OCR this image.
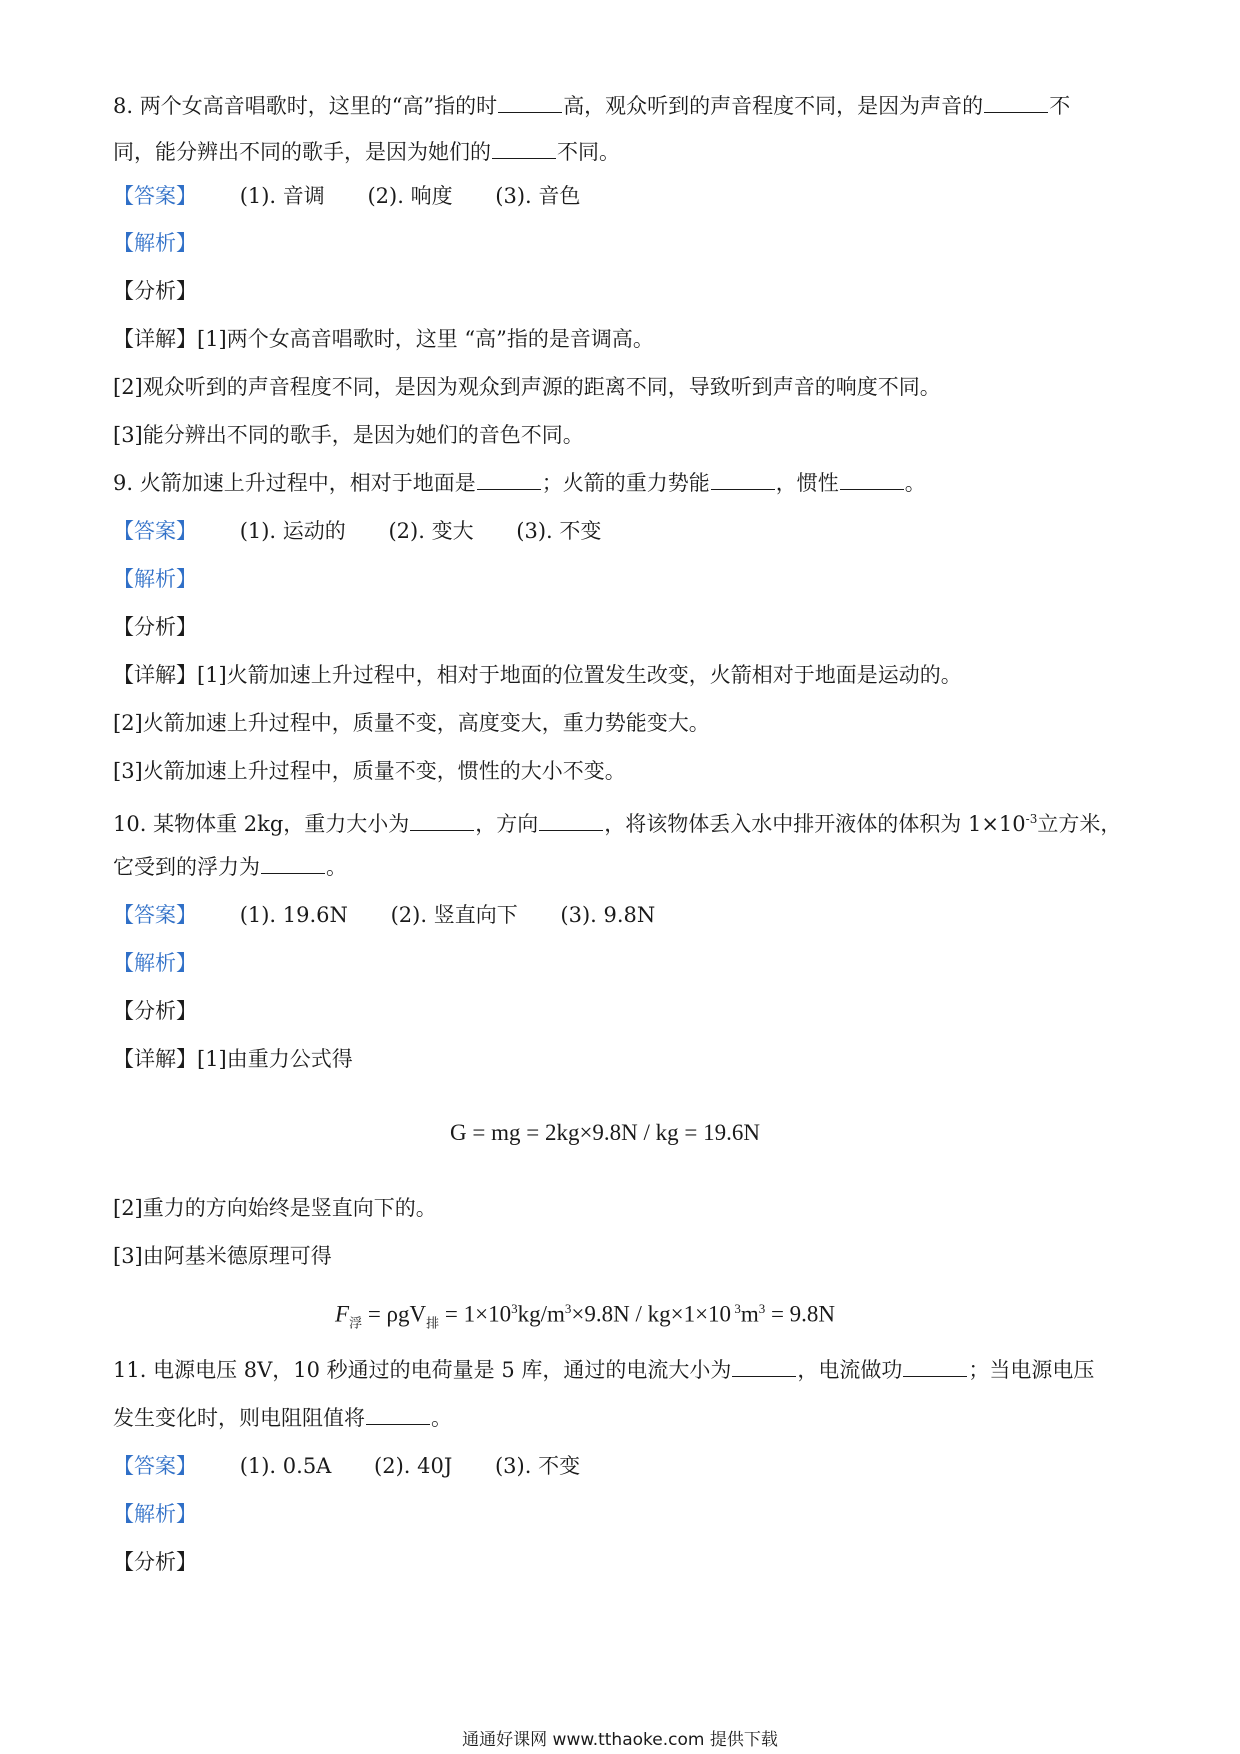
8. 两个女高音唱歌时，这里的“高”指的时	高，观众听到的声音程度不同，是因为声音的	不
同，能分辨出不同的歌手，是因为她们的	不同。
【答案】 (1). 音调 (2). 响度 (3). 音色
【解析】
【分析】
【详解】[1]两个女高音唱歌时，这里 “高”指的是音调高。
[2]观众听到的声音程度不同，是因为观众到声源的距离不同，导致听到声音的响度不同。
[3]能分辨出不同的歌手，是因为她们的音色不同。
9. 火箭加速上升过程中，相对于地面是	；火箭的重力势能	，惯性	。
【答案】 (1). 运动的 (2). 变大 (3). 不变
【解析】
【分析】
【详解】[1]火箭加速上升过程中，相对于地面的位置发生改变，火箭相对于地面是运动的。
[2]火箭加速上升过程中，质量不变，高度变大，重力势能变大。
[3]火箭加速上升过程中，质量不变，惯性的大小不变。
10. 某物体重 2kg，重力大小为	，方向	，将该物体丢入水中排开液体的体积为 $1\times 10^{-3}$立方米，
它受到的浮力为	。
【答案】 (1). 19.6N (2). 竖直向下 (3). 9.8N
【解析】
【分析】
【详解】[1]由重力公式得
G = mg = 2kg×9.8N / kg = 19.6N
[2]重力的方向始终是竖直向下的。
[3]由阿基米德原理可得
$F_浮 = \rho gV_排 = 1\times 10^3kg/m^3\times 9.8N / kg\times 1\times 10$ $^3m^3 = 9.8N$
11. 电源电压 8V，10 秒通过的电荷量是 5 库，通过的电流大小为	，电流做功	；当电源电压
发生变化时，则电阻阻值将	。
【答案】 (1). 0.5A (2). 40J (3). 不变
【解析】
【分析】
通通好课网 www.tthaoke.com 提供下载
